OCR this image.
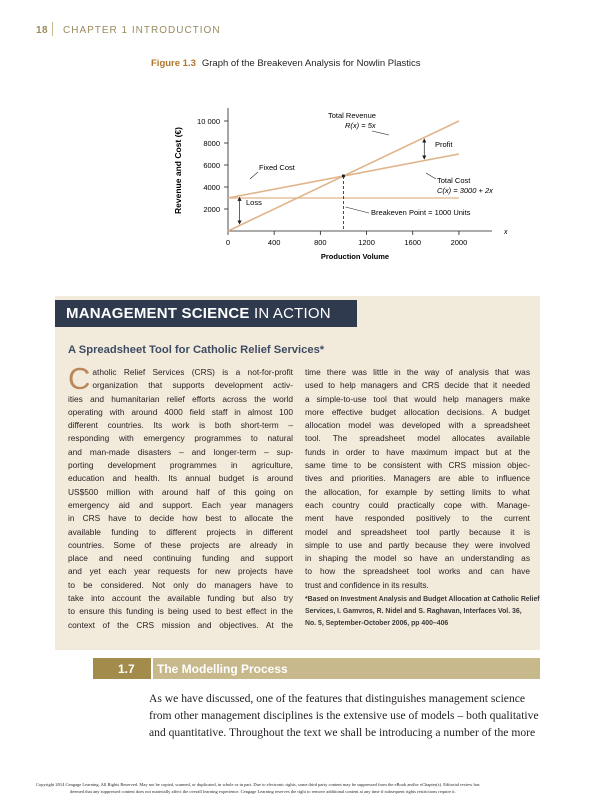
18 CHAPTER 1 INTRODUCTION
Figure 1.3 Graph of the Breakeven Analysis for Nowlin Plastics
x
2000
4000
6000
8000
10 000
0	400	800	1200	1600	2000
Production Volume
Revenue and Cost (€)	Fixed Cost
Loss
Profit
Breakeven Point = 1000 Units
Total Revenue
R(x) = 5x
Total Cost
C(x) = 3000 + 2x
MANAGEMENT SCIENCE IN ACTION
A Spreadsheet Tool for Catholic Relief Services*
C atholic Relief Services (CRS) is a not-for-profit
organization that supports development activ-
ities and humanitarian relief efforts across the world
operating with around 4000 field staff in almost 100
different countries. Its work is both short-term –
responding with emergency programmes to natural
and man-made disasters – and longer-term – sup-
porting development programmes in agriculture,
education and health. Its annual budget is around
US$500 million with around half of this going on
emergency aid and support. Each year managers
in CRS have to decide how best to allocate the
available funding to different projects in different
countries. Some of these projects are already in
place and need continuing funding and support
and yet each year requests for new projects have
to be considered. Not only do managers have to
take into account the available funding but also try
to ensure this funding is being used to best effect in the
context of the CRS mission and objectives. At the
time there was little in the way of analysis that was
used to help managers and CRS decide that it needed
a simple-to-use tool that would help managers make
more effective budget allocation decisions. A budget
allocation model was developed with a spreadsheet
tool. The spreadsheet model allocates available
funds in order to have maximum impact but at the
same time to be consistent with CRS mission objec-
tives and priorities. Managers are able to influence
the allocation, for example by setting limits to what
each country could practically cope with. Manage-
ment have responded positively to the current
model and spreadsheet tool partly because it is
simple to use and partly because they were involved
in shaping the model so have an understanding as
to how the spreadsheet tool works and can have
trust and confidence in its results.
*Based on Investment Analysis and Budget Allocation at Catholic Relief
Services, I. Gamvros, R. Nidel and S. Raghavan, Interfaces Vol. 36,
No. 5, September-October 2006, pp 400–406
1.7 The Modelling Process
As we have discussed, one of the features that distinguishes management science
from other management disciplines is the extensive use of models – both qualitative
and quantitative. Throughout the text we shall be introducing a number of the more
Copyright 2014 Cengage Learning. All Rights Reserved. May not be copied, scanned, or duplicated, in whole or in part. Due to electronic rights, some third party content may be suppressed from the eBook and/or eChapter(s). Editorial review has
deemed that any suppressed content does not materially affect the overall learning experience. Cengage Learning reserves the right to remove additional content at any time if subsequent rights restrictions require it.
